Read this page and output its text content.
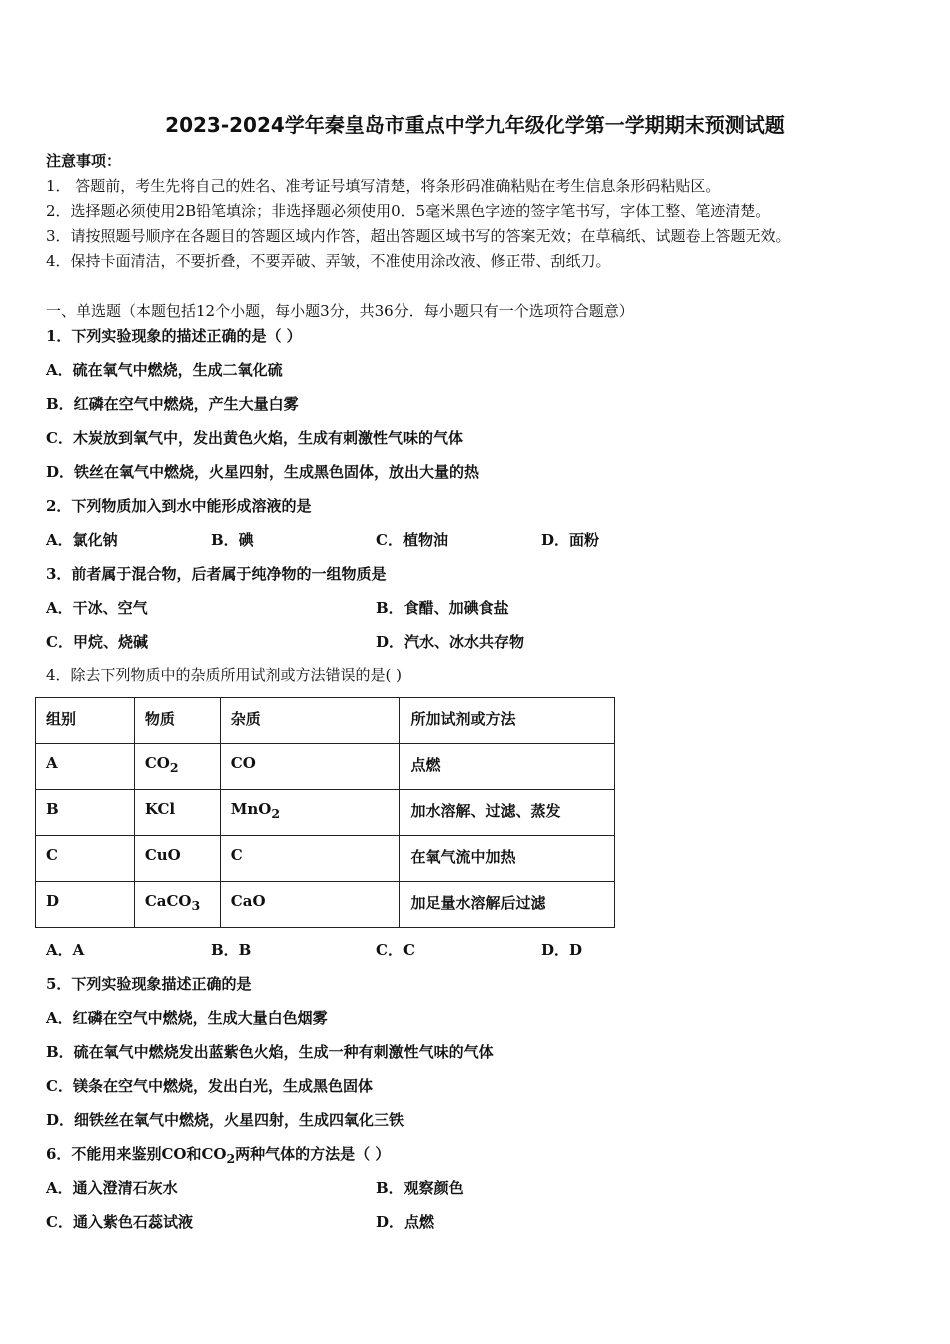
2023-2024学年秦皇岛市重点中学九年级化学第一学期期末预测试题
注意事项：
1． 答题前，考生先将自己的姓名、准考证号填写清楚，将条形码准确粘贴在考生信息条形码粘贴区。
2．选择题必须使用2B铅笔填涂；非选择题必须使用0．5毫米黑色字迹的签字笔书写，字体工整、笔迹清楚。
3．请按照题号顺序在各题目的答题区域内作答，超出答题区域书写的答案无效；在草稿纸、试题卷上答题无效。
4．保持卡面清洁，不要折叠，不要弄破、弄皱，不准使用涂改液、修正带、刮纸刀。
一、单选题（本题包括12个小题，每小题3分，共36分．每小题只有一个选项符合题意）
1．下列实验现象的描述正确的是（ ）
A．硫在氧气中燃烧，生成二氧化硫
B．红磷在空气中燃烧，产生大量白雾
C．木炭放到氧气中，发出黄色火焰，生成有刺激性气味的气体
D．铁丝在氧气中燃烧，火星四射，生成黑色固体，放出大量的热
2．下列物质加入到水中能形成溶液的是
A．氯化钠	B．碘	C．植物油	D．面粉
3．前者属于混合物，后者属于纯净物的一组物质是
A．干冰、空气	B．食醋、加碘食盐
C．甲烷、烧碱	D．汽水、冰水共存物
4．除去下列物质中的杂质所用试剂或方法错误的是( )
组别	物质	杂质	所加试剂或方法
A	$CO_2$	CO	点燃
B	KCl	MnO$_2$	加水溶解、过滤、蒸发
C	CuO	C	在氧气流中加热
D	CaCO$_3$	CaO	加足量水溶解后过滤
A．A	B．B	C．C	D．D
5．下列实验现象描述正确的是
A．红磷在空气中燃烧，生成大量白色烟雾
B．硫在氧气中燃烧发出蓝紫色火焰，生成一种有刺激性气味的气体
C．镁条在空气中燃烧，发出白光，生成黑色固体
D．细铁丝在氧气中燃烧，火星四射，生成四氧化三铁
6．不能用来鉴别CO和$CO_2$两种气体的方法是（ ）
A．通入澄清石灰水	B．观察颜色
C．通入紫色石蕊试液	D．点燃
